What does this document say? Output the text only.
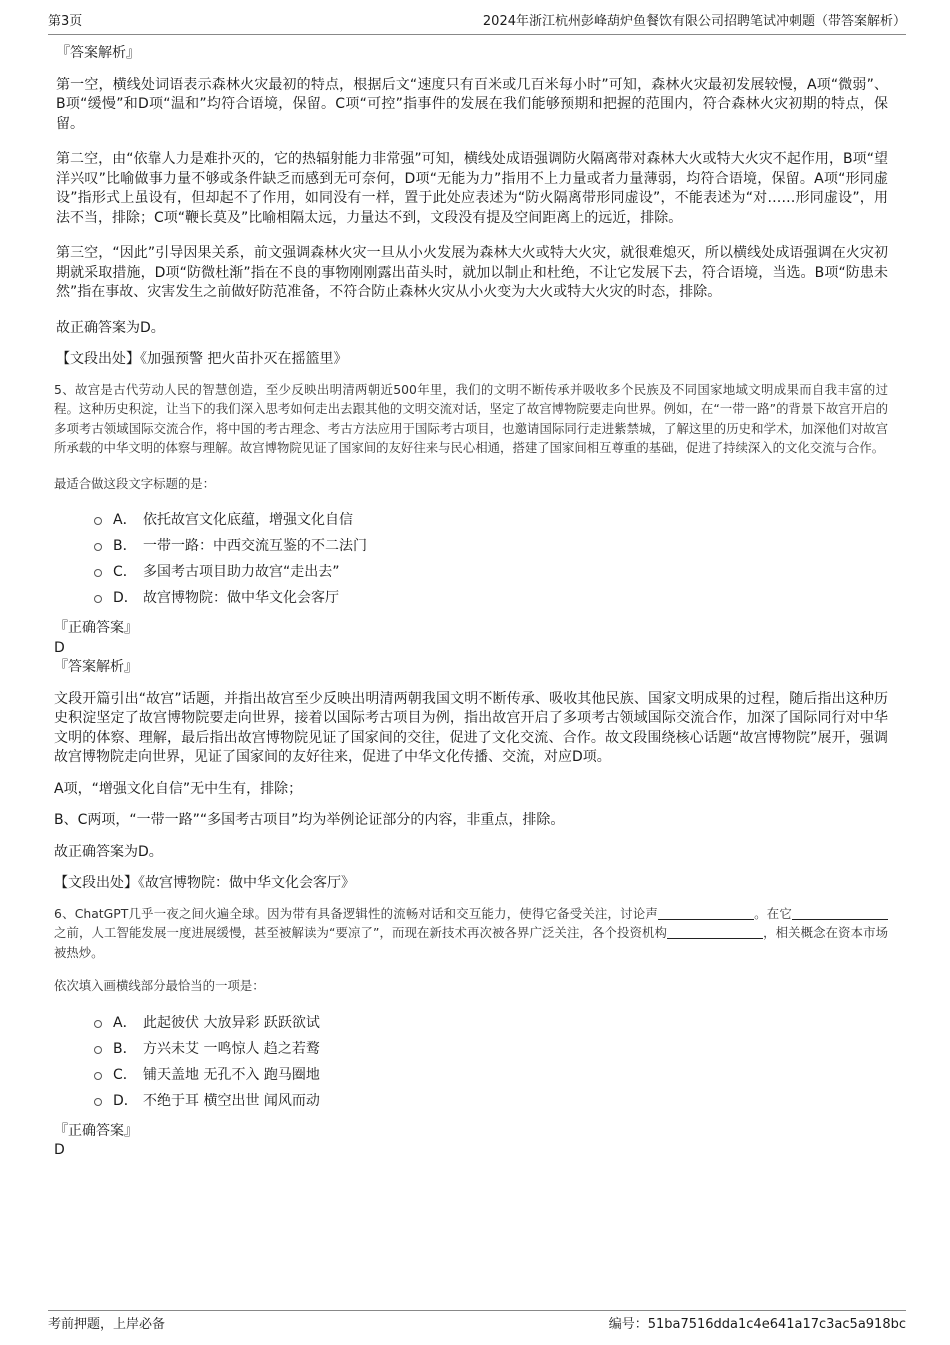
第3页	2024年浙江杭州彭峰葫炉鱼餐饮有限公司招聘笔试冲刺题（带答案解析）

『答案解析』

第一空，横线处词语表示森林火灾最初的特点，根据后文“速度只有百米或几百米每小时”可知，森林火灾最初发展较慢，A项“微弱”、B项“缓慢”和D项“温和”均符合语境，保留。C项“可控”指事件的发展在我们能够预期和把握的范围内，符合森林火灾初期的特点，保留。

第二空，由“依靠人力是难扑灭的，它的热辐射能力非常强”可知，横线处成语强调防火隔离带对森林大火或特大火灾不起作用，B项“望洋兴叹”比喻做事力量不够或条件缺乏而感到无可奈何，D项“无能为力”指用不上力量或者力量薄弱，均符合语境，保留。A项“形同虚设”指形式上虽设有，但却起不了作用，如同没有一样，置于此处应表述为“防火隔离带形同虚设”，不能表述为“对……形同虚设”，用法不当，排除；C项“鞭长莫及”比喻相隔太远，力量达不到，文段没有提及空间距离上的远近，排除。

第三空，“因此”引导因果关系，前文强调森林火灾一旦从小火发展为森林大火或特大火灾，就很难熄灭，所以横线处成语强调在火灾初期就采取措施，D项“防微杜渐”指在不良的事物刚刚露出苗头时，就加以制止和杜绝，不让它发展下去，符合语境，当选。B项“防患未然”指在事故、灾害发生之前做好防范准备，不符合防止森林火灾从小火变为大火或特大火灾的时态，排除。

故正确答案为D。

【文段出处】《加强预警 把火苗扑灭在摇篮里》

5、故宫是古代劳动人民的智慧创造，至少反映出明清两朝近500年里，我们的文明不断传承并吸收多个民族及不同国家地域文明成果而自我丰富的过程。这种历史积淀，让当下的我们深入思考如何走出去跟其他的文明交流对话，坚定了故宫博物院要走向世界。例如，在“一带一路”的背景下故宫开启的多项考古领域国际交流合作，将中国的考古理念、考古方法应用于国际考古项目，也邀请国际同行走进紫禁城，了解这里的历史和学术，加深他们对故宫所承载的中华文明的体察与理解。故宫博物院见证了国家间的友好往来与民心相通，搭建了国家间相互尊重的基础，促进了持续深入的文化交流与合作。

最适合做这段文字标题的是：

A． 依托故宫文化底蕴，增强文化自信
B． 一带一路：中西交流互鉴的不二法门
C． 多国考古项目助力故宫“走出去”
D． 故宫博物院：做中华文化会客厅

『正确答案』

D

『答案解析』

文段开篇引出“故宫”话题，并指出故宫至少反映出明清两朝我国文明不断传承、吸收其他民族、国家文明成果的过程，随后指出这种历史积淀坚定了故宫博物院要走向世界，接着以国际考古项目为例，指出故宫开启了多项考古领域国际交流合作，加深了国际同行对中华文明的体察、理解，最后指出故宫博物院见证了国家间的交往，促进了文化交流、合作。故文段围绕核心话题“故宫博物院”展开，强调故宫博物院走向世界，见证了国家间的友好往来，促进了中华文化传播、交流，对应D项。

A项，“增强文化自信”无中生有，排除；

B、C两项，“一带一路”“多国考古项目”均为举例论证部分的内容，非重点，排除。

故正确答案为D。

【文段出处】《故宫博物院：做中华文化会客厅》

6、ChatGPT几乎一夜之间火遍全球。因为带有具备逻辑性的流畅对话和交互能力，使得它备受关注，讨论声	。在它之前，人工智能发展一度进展缓慢，甚至被解读为“要凉了”，而现在新技术再次被各界广泛关注，各个投资机构	，相关概念在资本市场被热炒。

依次填入画横线部分最恰当的一项是：

A． 此起彼伏 大放异彩 跃跃欲试
B． 方兴未艾 一鸣惊人 趋之若鹜
C． 铺天盖地 无孔不入 跑马圈地
D． 不绝于耳 横空出世 闻风而动

『正确答案』

D

考前押题，上岸必备	编号：51ba7516dda1c4e641a17c3ac5a918bc
